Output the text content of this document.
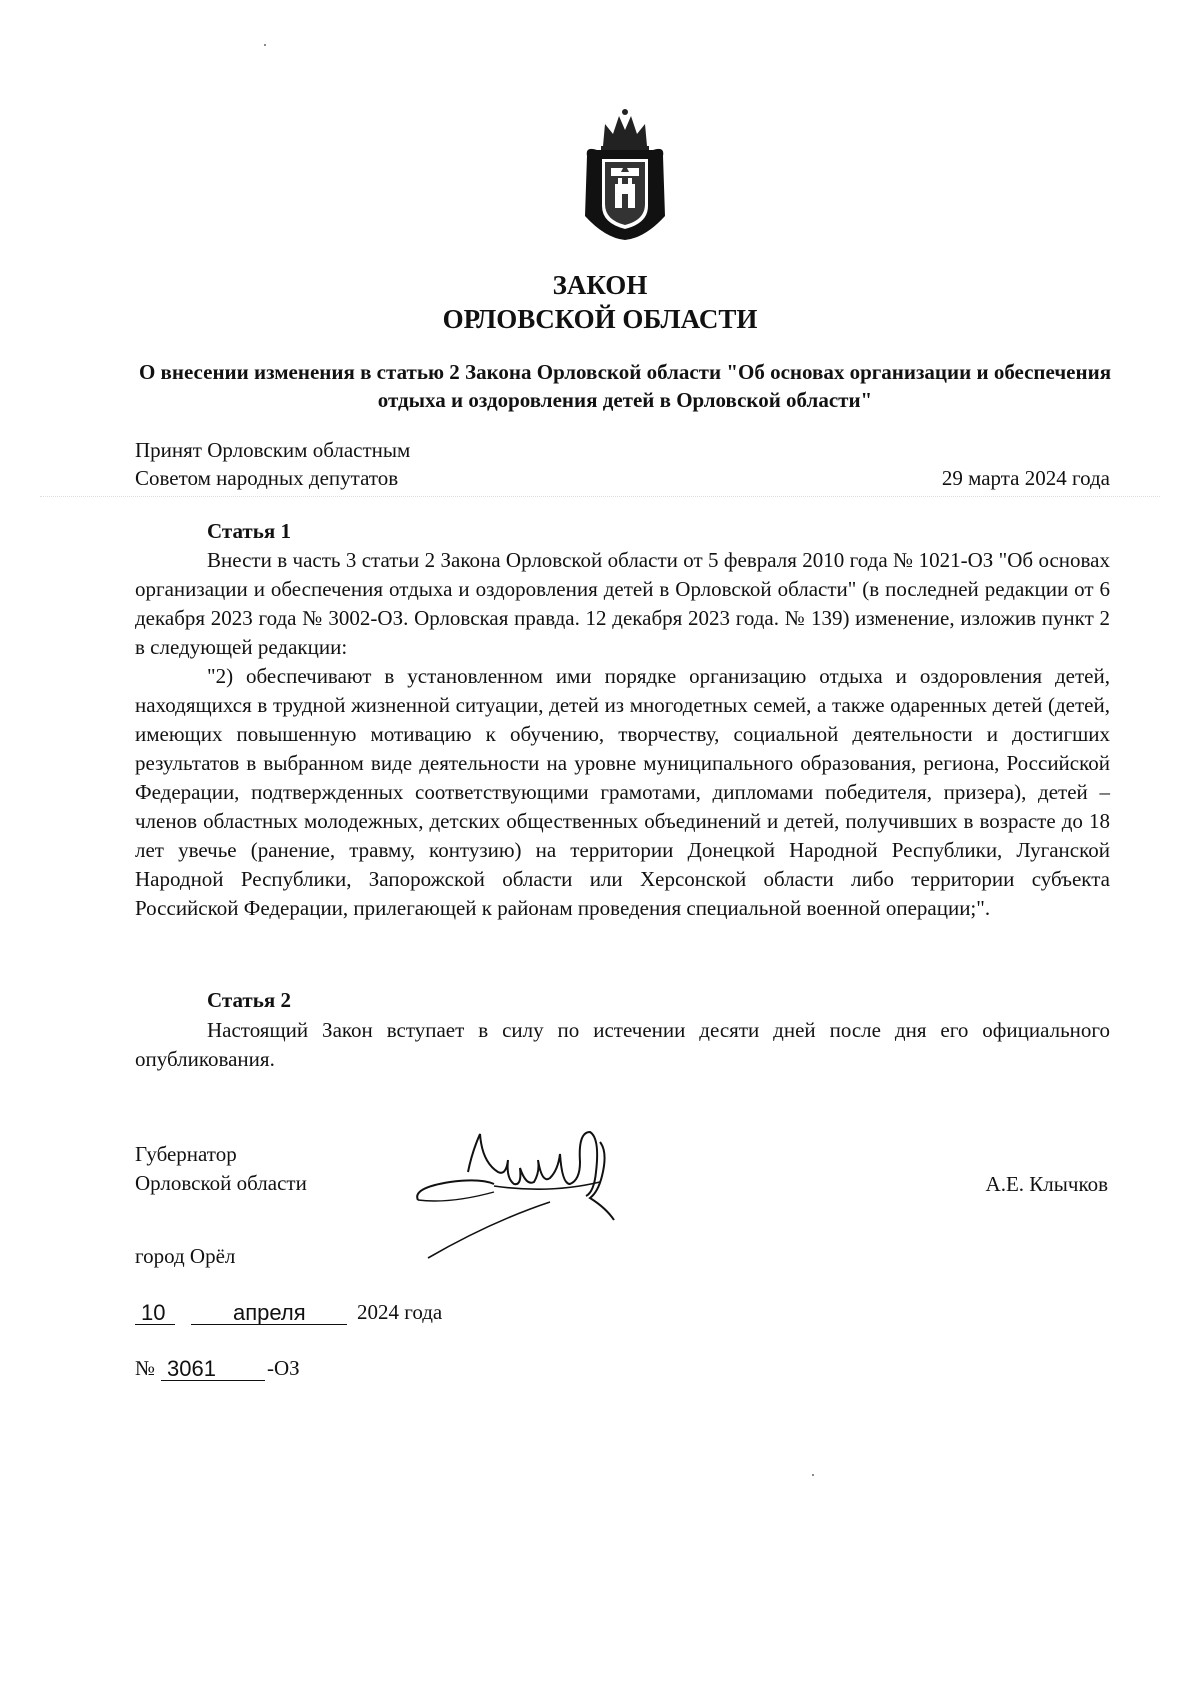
ЗАКОН
ОРЛОВСКОЙ ОБЛАСТИ
О внесении изменения в статью 2 Закона Орловской области "Об основах организации и обеспечения отдыха и оздоровления детей в Орловской области"
Принят Орловским областным
Советом народных депутатов	29 марта 2024 года
Статья 1

Внести в часть 3 статьи 2 Закона Орловской области от 5 февраля 2010 года № 1021-ОЗ "Об основах организации и обеспечения отдыха и оздоровления детей в Орловской области" (в последней редакции от 6 декабря 2023 года № 3002-ОЗ. Орловская правда. 12 декабря 2023 года. № 139) изменение, изложив пункт 2 в следующей редакции:

"2) обеспечивают в установленном ими порядке организацию отдыха и оздоровления детей, находящихся в трудной жизненной ситуации, детей из многодетных семей, а также одаренных детей (детей, имеющих повышенную мотивацию к обучению, творчеству, социальной деятельности и достигших результатов в выбранном виде деятельности на уровне муниципального образования, региона, Российской Федерации, подтвержденных соответствующими грамотами, дипломами победителя, призера), детей – членов областных молодежных, детских общественных объединений и детей, получивших в возрасте до 18 лет увечье (ранение, травму, контузию) на территории Донецкой Народной Республики, Луганской Народной Республики, Запорожской области или Херсонской области либо территории субъекта Российской Федерации, прилегающей к районам проведения специальной военной операции;".

Статья 2

Настоящий Закон вступает в силу по истечении десяти дней после дня его официального опубликования.

Губернатор
Орловской области	А.Е. Клычков
город Орёл
10	апреля 2024 года
№ 3061 -ОЗ
